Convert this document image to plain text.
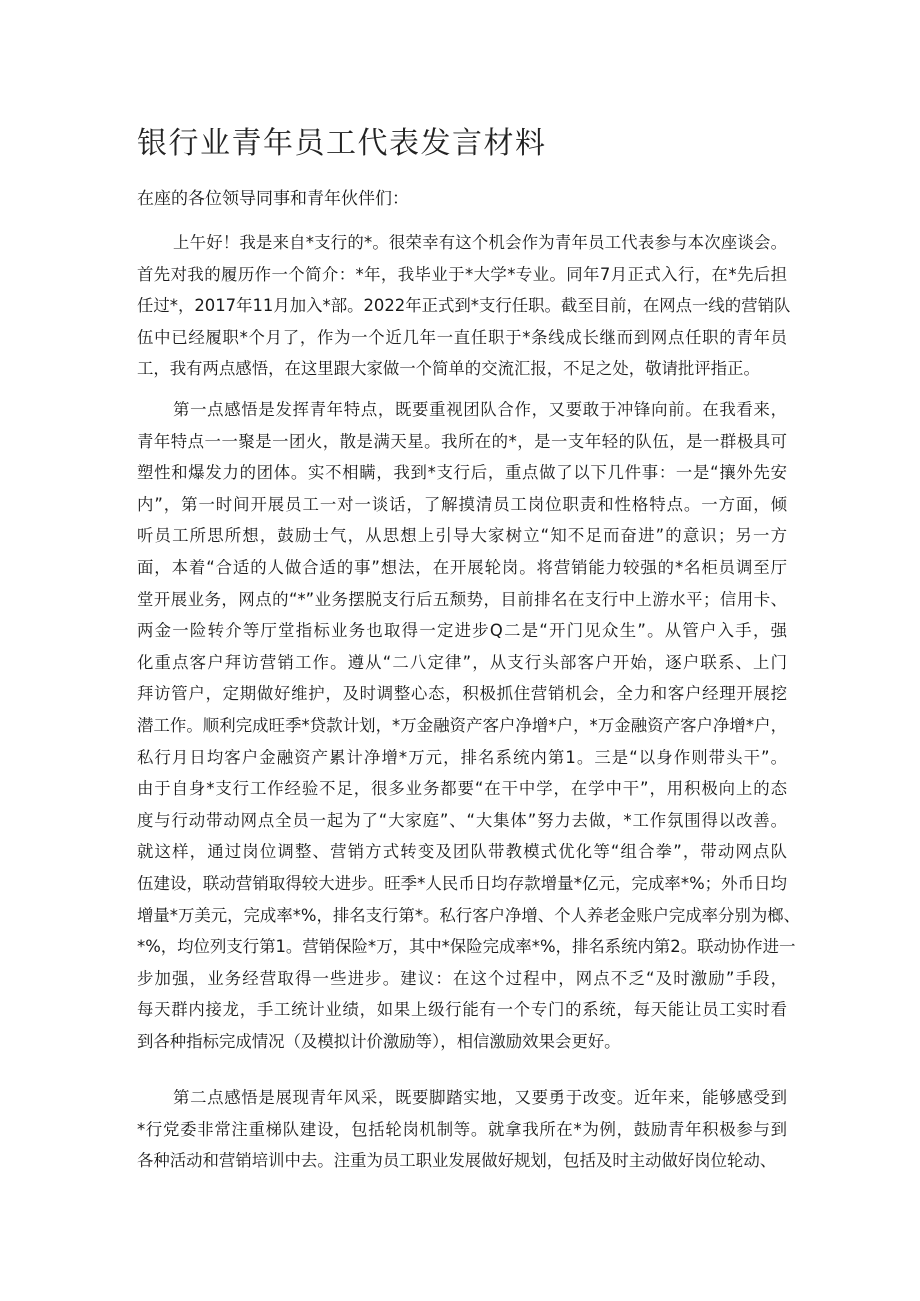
银行业青年员工代表发言材料
在座的各位领导同事和青年伙伴们：
上午好！我是来自*支行的*。很荣幸有这个机会作为青年员工代表参与本次座谈会。
首先对我的履历作一个简介：*年，我毕业于*大学*专业。同年7月正式入行，在*先后担
任过*，2017年11月加入*部。2022年正式到*支行任职。截至目前，在网点一线的营销队
伍中已经履职*个月了，作为一个近几年一直任职于*条线成长继而到网点任职的青年员
工，我有两点感悟，在这里跟大家做一个简单的交流汇报，不足之处，敬请批评指正。
第一点感悟是发挥青年特点，既要重视团队合作，又要敢于冲锋向前。在我看来，
青年特点一一聚是一团火，散是满天星。我所在的*，是一支年轻的队伍，是一群极具可
塑性和爆发力的团体。实不相瞒，我到*支行后，重点做了以下几件事：一是“攘外先安
内”，第一时间开展员工一对一谈话，了解摸清员工岗位职责和性格特点。一方面，倾
听员工所思所想，鼓励士气，从思想上引导大家树立“知不足而奋进”的意识；另一方
面，本着“合适的人做合适的事”想法，在开展轮岗。将营销能力较强的*名柜员调至厅
堂开展业务，网点的“*”业务摆脱支行后五颓势，目前排名在支行中上游水平；信用卡、
两金一险转介等厅堂指标业务也取得一定进步Q二是“开门见众生”。从管户入手，强
化重点客户拜访营销工作。遵从“二八定律”，从支行头部客户开始，逐户联系、上门
拜访管户，定期做好维护，及时调整心态，积极抓住营销机会，全力和客户经理开展挖
潜工作。顺利完成旺季*贷款计划，*万金融资产客户净增*户，*万金融资产客户净增*户，
私行月日均客户金融资产累计净增*万元，排名系统内第1。三是“以身作则带头干”。
由于自身*支行工作经验不足，很多业务都要“在干中学，在学中干”，用积极向上的态
度与行动带动网点全员一起为了“大家庭”、“大集体”努力去做，*工作氛围得以改善。
就这样，通过岗位调整、营销方式转变及团队带教模式优化等“组合拳”，带动网点队
伍建设，联动营销取得较大进步。旺季*人民币日均存款增量*亿元，完成率*%；外币日均
增量*万美元，完成率*%，排名支行第*。私行客户净增、个人养老金账户完成率分别为榔、
*%，均位列支行第1。营销保险*万，其中*保险完成率*%，排名系统内第2。联动协作进一
步加强，业务经营取得一些进步。建议：在这个过程中，网点不乏“及时激励”手段，
每天群内接龙，手工统计业绩，如果上级行能有一个专门的系统，每天能让员工实时看
到各种指标完成情况（及模拟计价激励等），相信激励效果会更好。
第二点感悟是展现青年风采，既要脚踏实地，又要勇于改变。近年来，能够感受到
*行党委非常注重梯队建设，包括轮岗机制等。就拿我所在*为例，鼓励青年积极参与到
各种活动和营销培训中去。注重为员工职业发展做好规划，包括及时主动做好岗位轮动、
